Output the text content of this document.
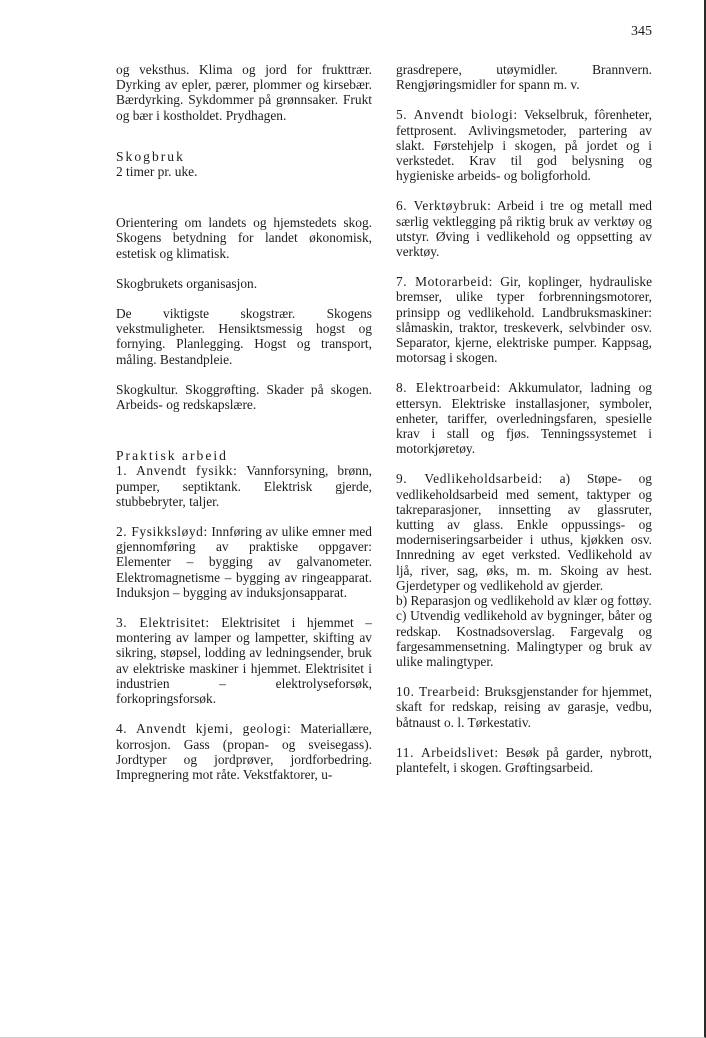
345

og veksthus. Klima og jord for frukttrær. Dyrking av epler, pærer, plommer og kirsebær. Bærdyrking. Sykdommer på grønnsaker. Frukt og bær i kostholdet. Prydhagen.

Skogbruk

2 timer pr. uke.

Orientering om landets og hjemstedets skog. Skogens betydning for landet økonomisk, estetisk og klimatisk.

Skogbrukets organisasjon.

De viktigste skogstrær. Skogens vekstmuligheter. Hensiktsmessig hogst og fornying. Planlegging. Hogst og transport, måling. Bestandpleie.

Skogkultur. Skoggrøfting. Skader på skogen. Arbeids- og redskapslære.

Praktisk arbeid

1. Anvendt fysikk: Vannforsyning, brønn, pumper, septiktank. Elektrisk gjerde, stubbebryter, taljer.

2. Fysikksløyd: Innføring av ulike emner med gjennomføring av praktiske oppgaver: Elementer – bygging av galvanometer. Elektromagnetisme – bygging av ringeapparat. Induksjon – bygging av induksjonsapparat.

3. Elektrisitet: Elektrisitet i hjemmet – montering av lamper og lampetter, skifting av sikring, støpsel, lodding av ledningsender, bruk av elektriske maskiner i hjemmet. Elektrisitet i industrien – elektrolyseforsøk, forkopringsforsøk.

4. Anvendt kjemi, geologi: Materiallære, korrosjon. Gass (propan- og sveisegass). Jordtyper og jordprøver, jordforbedring. Impregnering mot råte. Vekstfaktorer, u-

grasdrepere, utøymidler. Brannvern. Rengjøringsmidler for spann m. v.

5. Anvendt biologi: Vekselbruk, fôrenheter, fettprosent. Avlivingsmetoder, partering av slakt. Førstehjelp i skogen, på jordet og i verkstedet. Krav til god belysning og hygieniske arbeids- og boligforhold.

6. Verktøybruk: Arbeid i tre og metall med særlig vektlegging på riktig bruk av verktøy og utstyr. Øving i vedlikehold og oppsetting av verktøy.

7. Motorarbeid: Gir, koplinger, hydrauliske bremser, ulike typer forbrenningsmotorer, prinsipp og vedlikehold. Landbruksmaskiner: slåmaskin, traktor, treskeverk, selvbinder osv. Separator, kjerne, elektriske pumper. Kappsag, motorsag i skogen.

8. Elektroarbeid: Akkumulator, ladning og ettersyn. Elektriske installasjoner, symboler, enheter, tariffer, overledningsfaren, spesielle krav i stall og fjøs. Tenningssystemet i motorkjøretøy.

9. Vedlikeholdsarbeid: a) Støpe- og vedlikeholdsarbeid med sement, taktyper og takreparasjoner, innsetting av glassruter, kutting av glass. Enkle oppussings- og moderniseringsarbeider i uthus, kjøkken osv. Innredning av eget verksted. Vedlikehold av ljå, river, sag, øks, m. m. Skoing av hest. Gjerdetyper og vedlikehold av gjerder.

b) Reparasjon og vedlikehold av klær og fottøy.

c) Utvendig vedlikehold av bygninger, båter og redskap. Kostnadsoverslag. Fargevalg og fargesammensetning. Malingtyper og bruk av ulike malingtyper.

10. Trearbeid: Bruksgjenstander for hjemmet, skaft for redskap, reising av garasje, vedbu, båtnaust o. l. Tørkestativ.

11. Arbeidslivet: Besøk på garder, nybrott, plantefelt, i skogen. Grøftingsarbeid.
